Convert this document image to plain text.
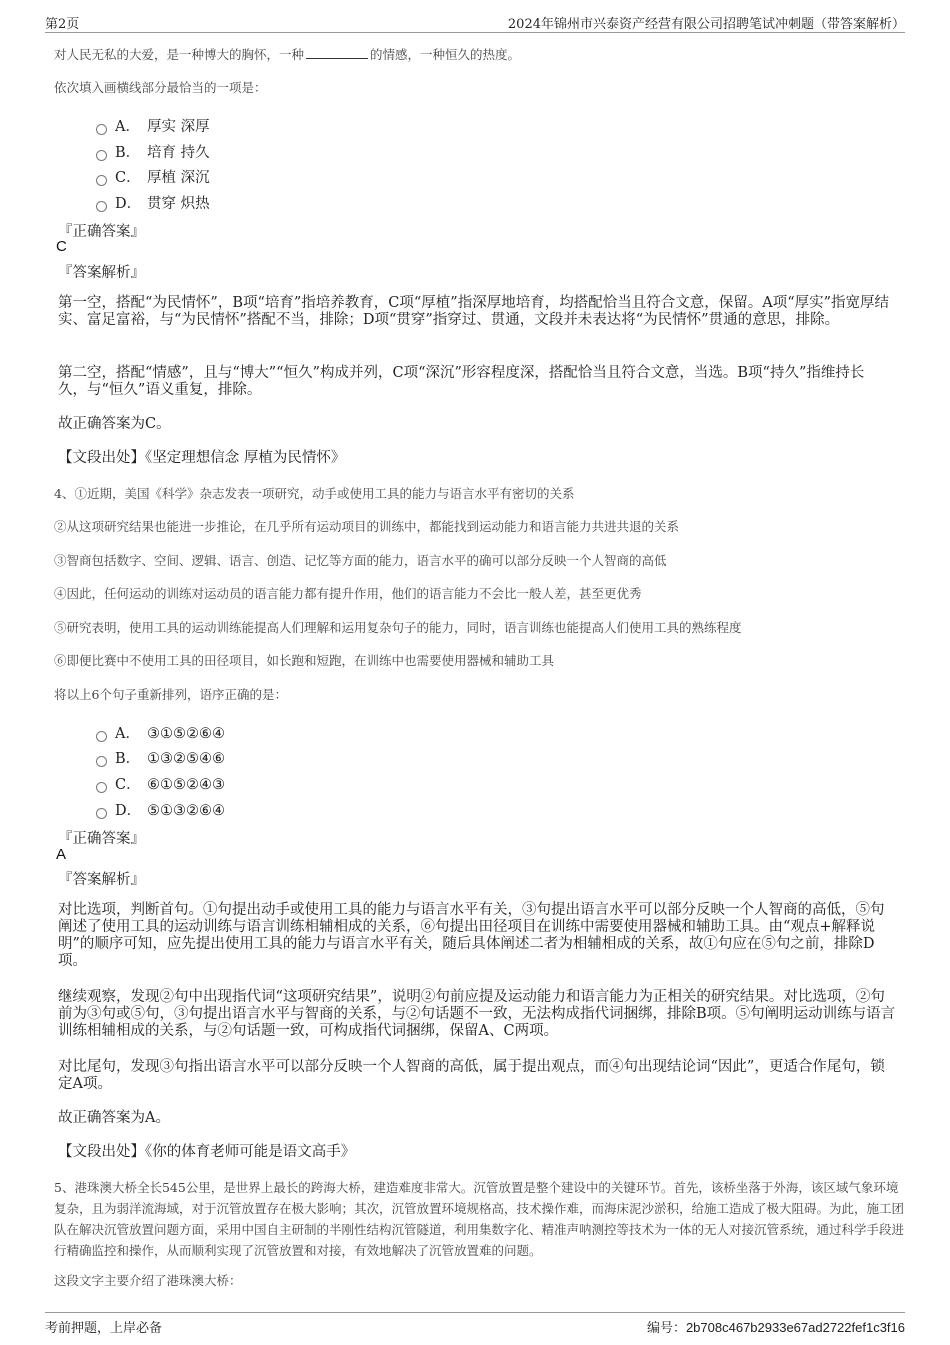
第2页	2024年锦州市兴泰资产经营有限公司招聘笔试冲刺题（带答案解析）
对人民无私的大爱，是一种博大的胸怀，一种	的情感，一种恒久的热度。
依次填入画横线部分最恰当的一项是：
A． 厚实 深厚
B． 培育 持久
C． 厚植 深沉
D． 贯穿 炽热
『正确答案』
C
『答案解析』
第一空，搭配“为民情怀”，B项“培育”指培养教育，C项“厚植”指深厚地培育，均搭配恰当且符合文意，保留。A项“厚实”指宽厚结实、富足富裕，与“为民情怀”搭配不当，排除；D项“贯穿”指穿过、贯通，文段并未表达将“为民情怀”贯通的意思，排除。
第二空，搭配“情感”，且与“博大”“恒久”构成并列，C项“深沉”形容程度深，搭配恰当且符合文意，当选。B项“持久”指维持长久，与“恒久”语义重复，排除。
故正确答案为C。
【文段出处】《坚定理想信念 厚植为民情怀》
4、①近期，美国《科学》杂志发表一项研究，动手或使用工具的能力与语言水平有密切的关系
②从这项研究结果也能进一步推论，在几乎所有运动项目的训练中，都能找到运动能力和语言能力共进共退的关系
③智商包括数字、空间、逻辑、语言、创造、记忆等方面的能力，语言水平的确可以部分反映一个人智商的高低
④因此，任何运动的训练对运动员的语言能力都有提升作用，他们的语言能力不会比一般人差，甚至更优秀
⑤研究表明，使用工具的运动训练能提高人们理解和运用复杂句子的能力，同时，语言训练也能提高人们使用工具的熟练程度
⑥即便比赛中不使用工具的田径项目，如长跑和短跑，在训练中也需要使用器械和辅助工具
将以上6个句子重新排列，语序正确的是：
A． ③①⑤②⑥④
B． ①③②⑤④⑥
C． ⑥①⑤②④③
D． ⑤①③②⑥④
『正确答案』
A
『答案解析』
对比选项，判断首句。①句提出动手或使用工具的能力与语言水平有关，③句提出语言水平可以部分反映一个人智商的高低，⑤句阐述了使用工具的运动训练与语言训练相辅相成的关系，⑥句提出田径项目在训练中需要使用器械和辅助工具。由“观点+解释说明”的顺序可知，应先提出使用工具的能力与语言水平有关，随后具体阐述二者为相辅相成的关系，故①句应在⑤句之前，排除D项。
继续观察，发现②句中出现指代词“这项研究结果”，说明②句前应提及运动能力和语言能力为正相关的研究结果。对比选项，②句前为③句或⑤句，③句提出语言水平与智商的关系，与②句话题不一致，无法构成指代词捆绑，排除B项。⑤句阐明运动训练与语言训练相辅相成的关系，与②句话题一致，可构成指代词捆绑，保留A、C两项。
对比尾句，发现③句指出语言水平可以部分反映一个人智商的高低，属于提出观点，而④句出现结论词“因此”，更适合作尾句，锁定A项。
故正确答案为A。
【文段出处】《你的体育老师可能是语文高手》
5、港珠澳大桥全长545公里，是世界上最长的跨海大桥，建造难度非常大。沉管放置是整个建设中的关键环节。首先，该桥坐落于外海，该区域气象环境复杂，且为弱洋流海域，对于沉管放置存在极大影响；其次，沉管放置环境规格高，技术操作难，而海床泥沙淤积，给施工造成了极大阻碍。为此，施工团队在解决沉管放置问题方面，采用中国自主研制的半刚性结构沉管隧道，利用集数字化、精准声呐测控等技术为一体的无人对接沉管系统，通过科学手段进行精确监控和操作，从而顺利实现了沉管放置和对接，有效地解决了沉管放置难的问题。
这段文字主要介绍了港珠澳大桥：
考前押题，上岸必备	编号：2b708c467b2933e67ad2722fef1c3f16
